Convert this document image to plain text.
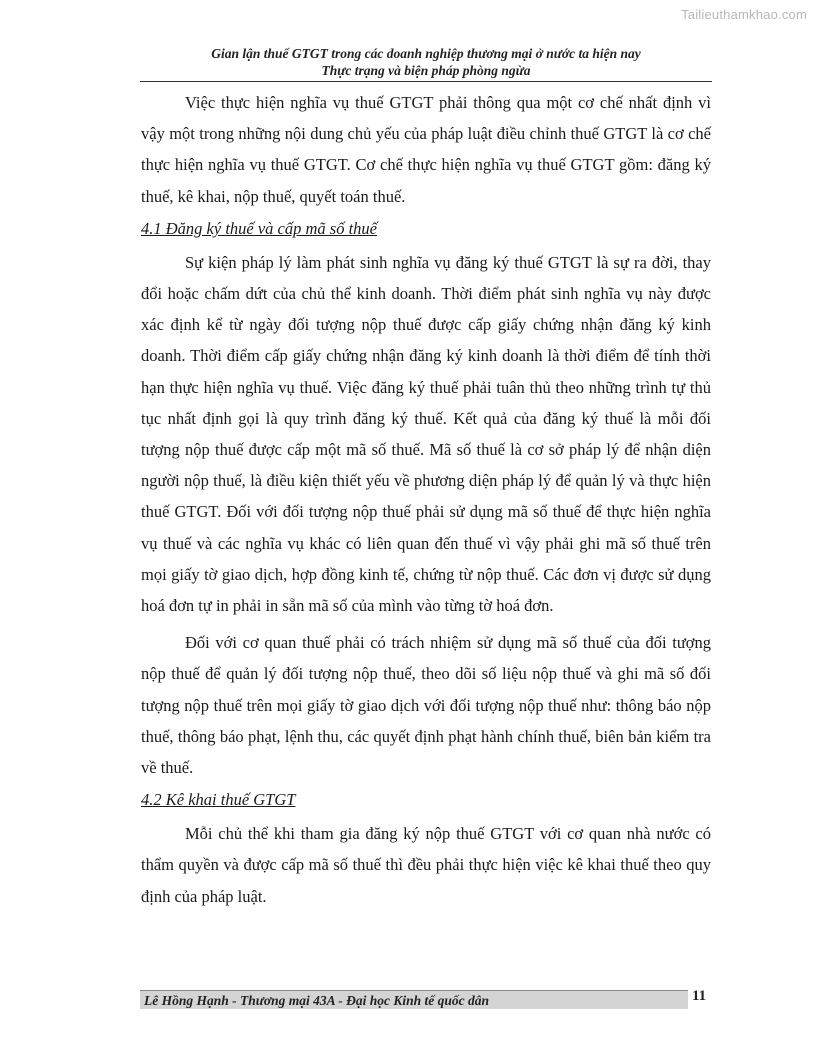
Tailieuthamkhao.com
Gian lận thuế GTGT trong các doanh nghiệp thương mại ở nước ta hiện nay
Thực trạng và biện pháp phòng ngừa

Việc thực hiện nghĩa vụ thuế GTGT phải thông qua một cơ chế nhất định vì vậy một trong những nội dung chủ yếu của pháp luật điều chỉnh thuế GTGT là cơ chế thực hiện nghĩa vụ thuế GTGT. Cơ chế thực hiện nghĩa vụ thuế GTGT gồm: đăng ký thuế, kê khai, nộp thuế, quyết toán thuế.

4.1 Đăng ký thuế và cấp mã số thuế

Sự kiện pháp lý làm phát sinh nghĩa vụ đăng ký thuế GTGT là sự ra đời, thay đổi hoặc chấm dứt của chủ thể kinh doanh. Thời điểm phát sinh nghĩa vụ này được xác định kể từ ngày đối tượng nộp thuế được cấp giấy chứng nhận đăng ký kinh doanh. Thời điểm cấp giấy chứng nhận đăng ký kinh doanh là thời điểm để tính thời hạn thực hiện nghĩa vụ thuế. Việc đăng ký thuế phải tuân thủ theo những trình tự thủ tục nhất định gọi là quy trình đăng ký thuế. Kết quả của đăng ký thuế là mỗi đối tượng nộp thuế được cấp một mã số thuế. Mã số thuế là cơ sở pháp lý để nhận diện người nộp thuế, là điều kiện thiết yếu về phương diện pháp lý để quản lý và thực hiện thuế GTGT. Đối với đối tượng nộp thuế phải sử dụng mã số thuế để thực hiện nghĩa vụ thuế và các nghĩa vụ khác có liên quan đến thuế vì vậy phải ghi mã số thuế trên mọi giấy tờ giao dịch, hợp đồng kinh tế, chứng từ nộp thuế. Các đơn vị được sử dụng hoá đơn tự in phải in sẵn mã số của mình vào từng tờ hoá đơn.

Đối với cơ quan thuế phải có trách nhiệm sử dụng mã số thuế của đối tượng nộp thuế để quản lý đối tượng nộp thuế, theo dõi số liệu nộp thuế và ghi mã số đối tượng nộp thuế trên mọi giấy tờ giao dịch với đối tượng nộp thuế như: thông báo nộp thuế, thông báo phạt, lệnh thu, các quyết định phạt hành chính thuế, biên bản kiểm tra về thuế.

4.2 Kê khai thuế GTGT

Mỗi chủ thể khi tham gia đăng ký nộp thuế GTGT với cơ quan nhà nước có thẩm quyền và được cấp mã số thuế thì đều phải thực hiện việc kê khai thuế theo quy định của pháp luật.

Lê Hồng Hạnh - Thương mại 43A - Đại học Kinh tế quốc dân	11
